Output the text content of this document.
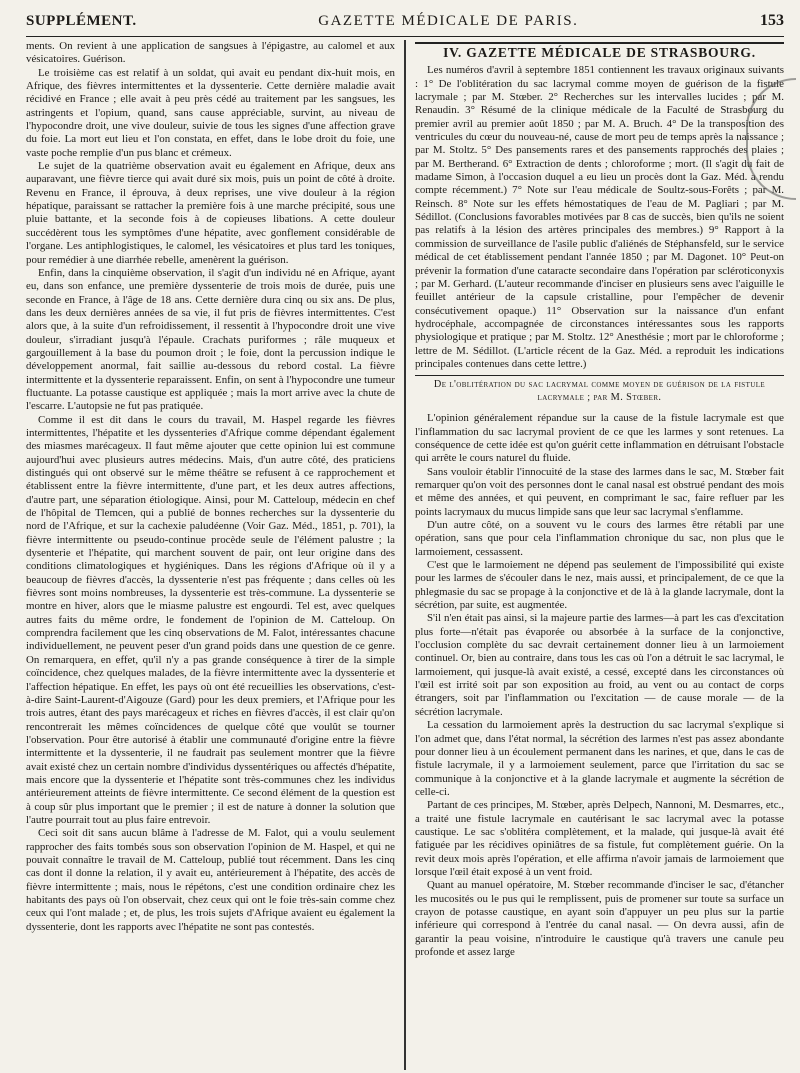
SUPPLÉMENT.	GAZETTE MÉDICALE DE PARIS.	153

ments. On revient à une application de sangsues à l'épigastre, au calomel et aux vésicatoires. Guérison.

Le troisième cas est relatif à un soldat, qui avait eu pendant dix-huit mois, en Afrique, des fièvres intermittentes et la dyssenterie. Cette dernière maladie avait récidivé en France ; elle avait à peu près cédé au traitement par les sangsues, les astringents et l'opium, quand, sans cause appréciable, survint, au niveau de l'hypocondre droit, une vive douleur, suivie de tous les signes d'une affection grave du foie. La mort eut lieu et l'on constata, en effet, dans le lobe droit du foie, une vaste poche remplie d'un pus blanc et crémeux.

Le sujet de la quatrième observation avait eu également en Afrique, deux ans auparavant, une fièvre tierce qui avait duré six mois, puis un point de côté à droite. Revenu en France, il éprouva, à deux reprises, une vive douleur à la région hépatique, paraissant se rattacher la première fois à une marche précipité, sous une pluie battante, et la seconde fois à de copieuses libations. A cette douleur succédèrent tous les symptômes d'une hépatite, avec gonflement considérable de l'organe. Les antiphlogistiques, le calomel, les vésicatoires et plus tard les toniques, pour remédier à une diarrhée rebelle, amenèrent la guérison.

Enfin, dans la cinquième observation, il s'agit d'un individu né en Afrique, ayant eu, dans son enfance, une première dyssenterie de trois mois de durée, puis une seconde en France, à l'âge de 18 ans. Cette dernière dura cinq ou six ans. De plus, dans les deux dernières années de sa vie, il fut pris de fièvres intermittentes. C'est alors que, à la suite d'un refroidissement, il ressentit à l'hypocondre droit une vive douleur, s'irradiant jusqu'à l'épaule. Crachats puriformes ; râle muqueux et gargouillement à la base du poumon droit ; le foie, dont la percussion indique le développement anormal, fait saillie au-dessous du rebord costal. La fièvre intermittente et la dyssenterie reparaissent. Enfin, on sent à l'hypocondre une tumeur fluctuante. La potasse caustique est appliquée ; mais la mort arrive avec la chute de l'escarre. L'autopsie ne fut pas pratiquée.

Comme il est dit dans le cours du travail, M. Haspel regarde les fièvres intermittentes, l'hépatite et les dyssenteries d'Afrique comme dépendant également des miasmes marécageux. Il faut même ajouter que cette opinion lui est commune aujourd'hui avec plusieurs autres médecins. Mais, d'un autre côté, des praticiens distingués qui ont observé sur le même théâtre se refusent à ce rapprochement et établissent entre la fièvre intermittente, d'une part, et les deux autres affections, d'autre part, une séparation étiologique. Ainsi, pour M. Catteloup, médecin en chef de l'hôpital de Tlemcen, qui a publié de bonnes recherches sur la dyssenterie du nord de l'Afrique, et sur la cachexie paludéenne (Voir Gaz. Méd., 1851, p. 701), la fièvre intermittente ou pseudo-continue procède seule de l'élément palustre ; la dysenterie et l'hépatite, qui marchent souvent de pair, ont leur origine dans des conditions climatologiques et hygiéniques. Dans les régions d'Afrique où il y a beaucoup de fièvres d'accès, la dyssenterie n'est pas fréquente ; dans celles où les fièvres sont moins nombreuses, la dyssenterie est très-commune. La dyssenterie se montre en hiver, alors que le miasme palustre est engourdi. Tel est, avec quelques autres faits du même ordre, le fondement de l'opinion de M. Catteloup. On comprendra facilement que les cinq observations de M. Falot, intéressantes chacune individuellement, ne peuvent peser d'un grand poids dans une question de ce genre. On remarquera, en effet, qu'il n'y a pas grande conséquence à tirer de la simple coïncidence, chez quelques malades, de la fièvre intermittente avec la dyssenterie et l'affection hépatique. En effet, les pays où ont été recueillies les observations, c'est-à-dire Saint-Laurent-d'Aigouze (Gard) pour les deux premiers, et l'Afrique pour les trois autres, étant des pays marécageux et riches en fièvres d'accès, il est clair qu'on rencontrerait les mêmes coïncidences de quelque côté que voulût se tourner l'observation. Pour être autorisé à établir une communauté d'origine entre la fièvre intermittente et la dyssenterie, il ne faudrait pas seulement montrer que la fièvre avait existé chez un certain nombre d'individus dyssentériques ou affectés d'hépatite, mais encore que la dyssenterie et l'hépatite sont très-communes chez les individus antérieurement atteints de fièvre intermittente. Ce second élément de la question est à coup sûr plus important que le premier ; il est de nature à donner la solution que l'autre pourrait tout au plus faire entrevoir.

Ceci soit dit sans aucun blâme à l'adresse de M. Falot, qui a voulu seulement rapprocher des faits tombés sous son observation l'opinion de M. Haspel, et qui ne pouvait connaître le travail de M. Catteloup, publié tout récemment. Dans les cinq cas dont il donne la relation, il y avait eu, antérieurement à l'hépatite, des accès de fièvre intermittente ; mais, nous le répétons, c'est une condition ordinaire chez les habitants des pays où l'on observait, chez ceux qui ont le foie très-sain comme chez ceux qui l'ont malade ; et, de plus, les trois sujets d'Afrique avaient eu également la dyssenterie, dont les rapports avec l'hépatite ne sont pas contestés.

IV. GAZETTE MÉDICALE DE STRASBOURG.

Les numéros d'avril à septembre 1851 contiennent les travaux originaux suivants : 1° De l'oblitération du sac lacrymal comme moyen de guérison de la fistule lacrymale ; par M. Stœber. 2° Recherches sur les intervalles lucides ; par M. Renaudin. 3° Résumé de la clinique médicale de la Faculté de Strasbourg du premier avril au premier août 1850 ; par M. A. Bruch. 4° De la transposition des ventricules du cœur du nouveau-né, cause de mort peu de temps après la naissance ; par M. Stoltz. 5° Des pansements rares et des pansements rapprochés des plaies ; par M. Bertherand. 6° Extraction de dents ; chloroforme ; mort. (Il s'agit du fait de madame Simon, à l'occasion duquel a eu lieu un procès dont la Gaz. Méd. a rendu compte récemment.) 7° Note sur l'eau médicale de Soultz-sous-Forêts ; par M. Reinsch. 8° Note sur les effets hémostatiques de l'eau de M. Pagliari ; par M. Sédillot. (Conclusions favorables motivées par 8 cas de succès, bien qu'ils ne soient pas relatifs à la lésion des artères principales des membres.) 9° Rapport à la commission de surveillance de l'asile public d'aliénés de Stéphansfeld, sur le service médical de cet établissement pendant l'année 1850 ; par M. Dagonet. 10° Peut-on prévenir la formation d'une cataracte secondaire dans l'opération par scléroticonyxis ; par M. Gerhard. (L'auteur recommande d'inciser en plusieurs sens avec l'aiguille le feuillet antérieur de la capsule cristalline, pour l'empêcher de devenir consécutivement opaque.) 11° Observation sur la naissance d'un enfant hydrocéphale, accompagnée de circonstances intéressantes sous les rapports physiologique et pratique ; par M. Stoltz. 12° Anesthésie ; mort par le chloroforme ; lettre de M. Sédillot. (L'article récent de la Gaz. Méd. a reproduit les indications principales contenues dans cette lettre.)

De l'oblitération du sac lacrymal comme moyen de guérison de la fistule lacrymale ; par M. Stœber.

L'opinion généralement répandue sur la cause de la fistule lacrymale est que l'inflammation du sac lacrymal provient de ce que les larmes y sont retenues. La conséquence de cette idée est qu'on guérit cette inflammation en détruisant l'obstacle qui arrête le cours naturel du fluide.

Sans vouloir établir l'innocuité de la stase des larmes dans le sac, M. Stœber fait remarquer qu'on voit des personnes dont le canal nasal est obstrué pendant des mois et même des années, et qui peuvent, en comprimant le sac, faire refluer par les points lacrymaux du mucus limpide sans que leur sac lacrymal s'enflamme.

D'un autre côté, on a souvent vu le cours des larmes être rétabli par une opération, sans que pour cela l'inflammation chronique du sac, non plus que le larmoiement, cessassent.

C'est que le larmoiement ne dépend pas seulement de l'impossibilité qui existe pour les larmes de s'écouler dans le nez, mais aussi, et principalement, de ce que la phlegmasie du sac se propage à la conjonctive et de là à la glande lacrymale, dont la sécrétion, par suite, est augmentée.

S'il n'en était pas ainsi, si la majeure partie des larmes—à part les cas d'excitation plus forte—n'était pas évaporée ou absorbée à la surface de la conjonctive, l'occlusion complète du sac devrait certainement donner lieu à un larmoiement continuel. Or, bien au contraire, dans tous les cas où l'on a détruit le sac lacrymal, le larmoiement, qui jusque-là avait existé, a cessé, excepté dans les circonstances où l'œil est irrité soit par son exposition au froid, au vent ou au contact de corps étrangers, soit par l'inflammation ou l'excitation — de cause morale — de la sécrétion lacrymale.

La cessation du larmoiement après la destruction du sac lacrymal s'explique si l'on admet que, dans l'état normal, la sécrétion des larmes n'est pas assez abondante pour donner lieu à un écoulement permanent dans les narines, et que, dans le cas de fistule lacrymale, il y a larmoiement seulement, parce que l'irritation du sac se communique à la conjonctive et à la glande lacrymale et augmente la sécrétion de celle-ci.

Partant de ces principes, M. Stœber, après Delpech, Nannoni, M. Desmarres, etc., a traité une fistule lacrymale en cautérisant le sac lacrymal avec la potasse caustique. Le sac s'oblitéra complètement, et la malade, qui jusque-là avait été fatiguée par les récidives opiniâtres de sa fistule, fut complètement guérie. On la revit deux mois après l'opération, et elle affirma n'avoir jamais de larmoiement que lorsque l'œil était exposé à un vent froid.

Quant au manuel opératoire, M. Stœber recommande d'inciser le sac, d'étancher les mucosités ou le pus qui le remplissent, puis de promener sur toute sa surface un crayon de potasse caustique, en ayant soin d'appuyer un peu plus sur la partie inférieure qui correspond à l'entrée du canal nasal. — On devra aussi, afin de garantir la peau voisine, n'introduire le caustique qu'à travers une canule peu profonde et assez large
